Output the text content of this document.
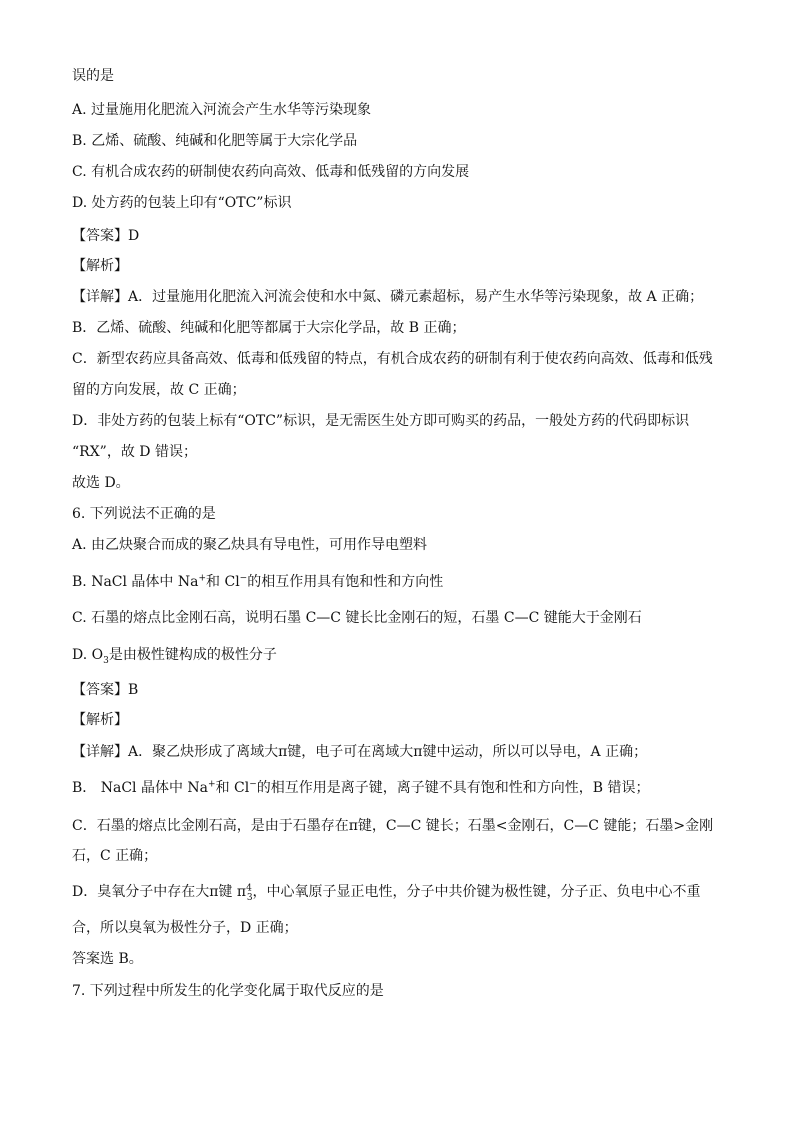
误的是
A. 过量施用化肥流入河流会产生水华等污染现象
B. 乙烯、硫酸、纯碱和化肥等属于大宗化学品
C. 有机合成农药的研制使农药向高效、低毒和低残留的方向发展
D. 处方药的包装上印有“OTC”标识
【答案】D
【解析】
【详解】A．过量施用化肥流入河流会使和水中氮、磷元素超标，易产生水华等污染现象，故 A 正确；
B．乙烯、硫酸、纯碱和化肥等都属于大宗化学品，故 B 正确；
C．新型农药应具备高效、低毒和低残留的特点，有机合成农药的研制有利于使农药向高效、低毒和低残
留的方向发展，故 C 正确；
D．非处方药的包装上标有“OTC”标识，是无需医生处方即可购买的药品，一般处方药的代码即标识
“RX”，故 D 错误；
故选 D。
6. 下列说法不正确的是
A. 由乙炔聚合而成的聚乙炔具有导电性，可用作导电塑料
B. NaCl 晶体中 Na+和 Cl−的相互作用具有饱和性和方向性
C. 石墨的熔点比金刚石高，说明石墨 C—C 键长比金刚石的短，石墨 C—C 键能大于金刚石
D. $O_3$是由极性键构成的极性分子
【答案】B
【解析】
【详解】A．聚乙炔形成了离域大π键，电子可在离域大π键中运动，所以可以导电，A 正确；
B． NaCl 晶体中 Na+和 Cl−的相互作用是离子键，离子键不具有饱和性和方向性，B 错误；
C．石墨的熔点比金刚石高，是由于石墨存在π键，C—C 键长；石墨<金刚石，C—C 键能；石墨>金刚
石，C 正确；
D．臭氧分子中存在大π键 $\pi^4_3$，中心氧原子显正电性，分子中共价键为极性键，分子正、负电中心不重
合，所以臭氧为极性分子，D 正确；
答案选 B。
7. 下列过程中所发生的化学变化属于取代反应的是
